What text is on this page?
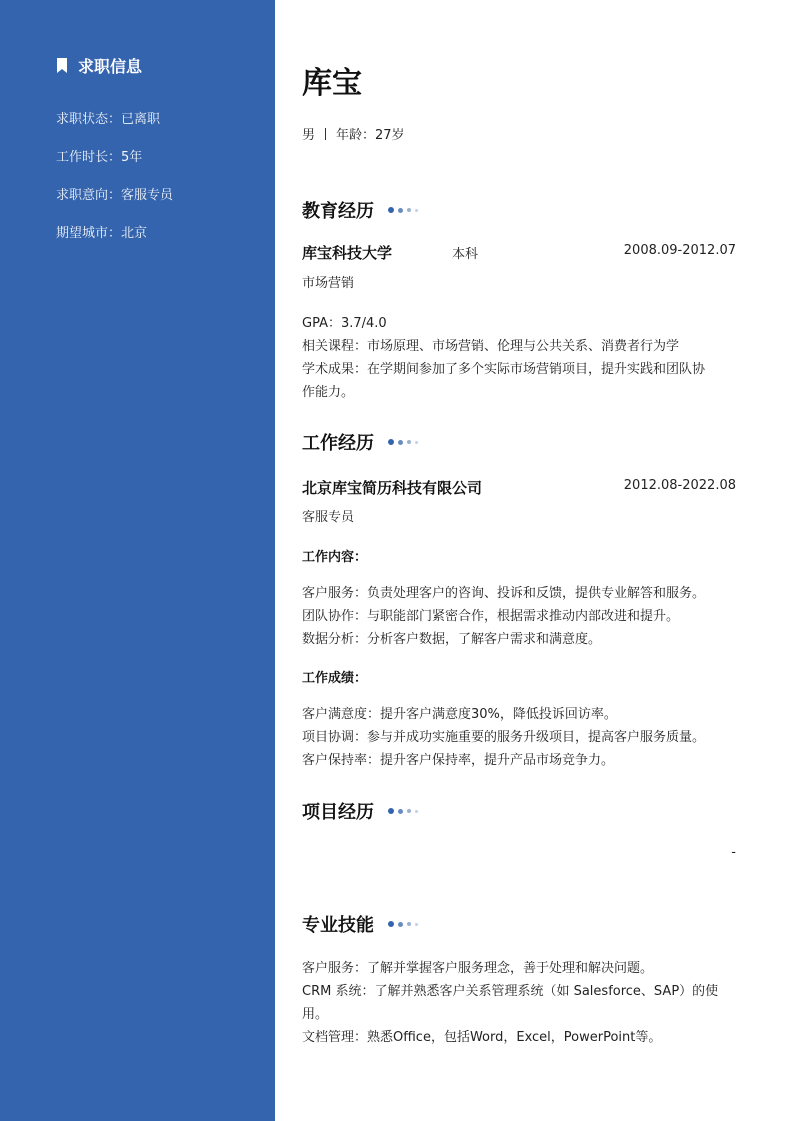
求职信息
求职状态：已离职
工作时长：5年
求职意向：客服专员
期望城市：北京
库宝
男 年龄：27岁
教育经历
库宝科技大学	本科	2008.09-2012.07
市场营销
GPA：3.7/4.0
相关课程：市场原理、市场营销、伦理与公共关系、消费者行为学
学术成果：在学期间参加了多个实际市场营销项目，提升实践和团队协
作能力。
工作经历
北京库宝简历科技有限公司	2012.08-2022.08
客服专员
工作内容：
客户服务：负责处理客户的咨询、投诉和反馈，提供专业解答和服务。
团队协作：与职能部门紧密合作，根据需求推动内部改进和提升。
数据分析：分析客户数据，了解客户需求和满意度。
工作成绩：
客户满意度：提升客户满意度30%，降低投诉回访率。
项目协调：参与并成功实施重要的服务升级项目，提高客户服务质量。
客户保持率：提升客户保持率，提升产品市场竞争力。
项目经历
-
专业技能
客户服务：了解并掌握客户服务理念，善于处理和解决问题。
CRM 系统：了解并熟悉客户关系管理系统（如 Salesforce、SAP）的使
用。
文档管理：熟悉Office，包括Word，Excel，PowerPoint等。
